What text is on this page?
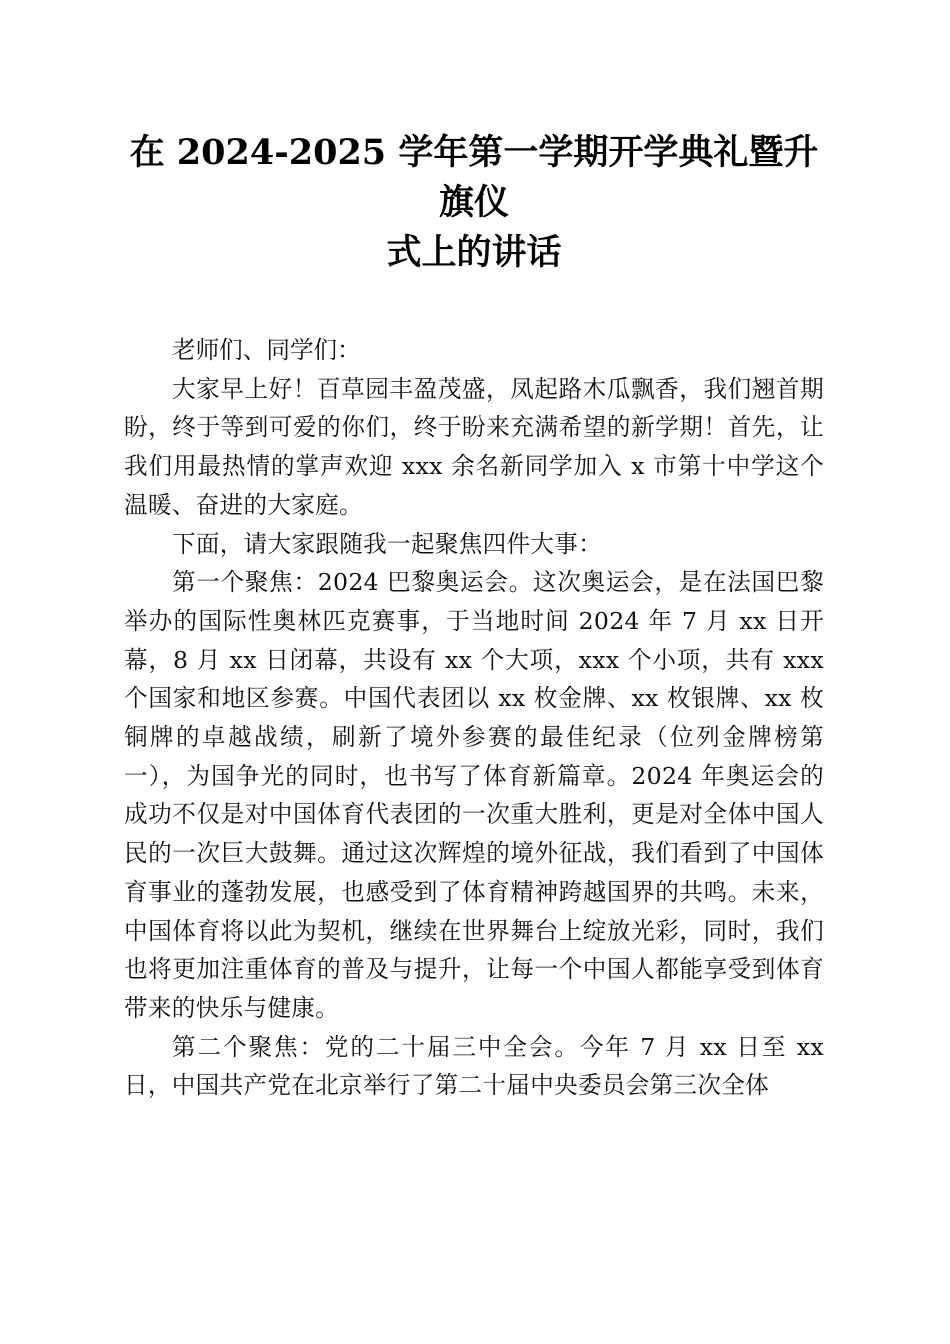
在 2024-2025 学年第一学期开学典礼暨升旗仪
式上的讲话

老师们、同学们：

大家早上好！百草园丰盈茂盛，凤起路木瓜飘香，我们翘首期盼，终于等到可爱的你们，终于盼来充满希望的新学期！首先，让我们用最热情的掌声欢迎 xxx 余名新同学加入 x 市第十中学这个温暖、奋进的大家庭。

下面，请大家跟随我一起聚焦四件大事：

第一个聚焦：2024 巴黎奥运会。这次奥运会，是在法国巴黎举办的国际性奥林匹克赛事，于当地时间 2024 年 7 月 xx 日开幕，8 月 xx 日闭幕，共设有 xx 个大项，xxx 个小项，共有 xxx 个国家和地区参赛。中国代表团以 xx 枚金牌、xx 枚银牌、xx 枚铜牌的卓越战绩，刷新了境外参赛的最佳纪录（位列金牌榜第一），为国争光的同时，也书写了体育新篇章。2024 年奥运会的成功不仅是对中国体育代表团的一次重大胜利，更是对全体中国人民的一次巨大鼓舞。通过这次辉煌的境外征战，我们看到了中国体育事业的蓬勃发展，也感受到了体育精神跨越国界的共鸣。未来，中国体育将以此为契机，继续在世界舞台上绽放光彩，同时，我们也将更加注重体育的普及与提升，让每一个中国人都能享受到体育带来的快乐与健康。

第二个聚焦：党的二十届三中全会。今年 7 月 xx 日至 xx 日，中国共产党在北京举行了第二十届中央委员会第三次全体
